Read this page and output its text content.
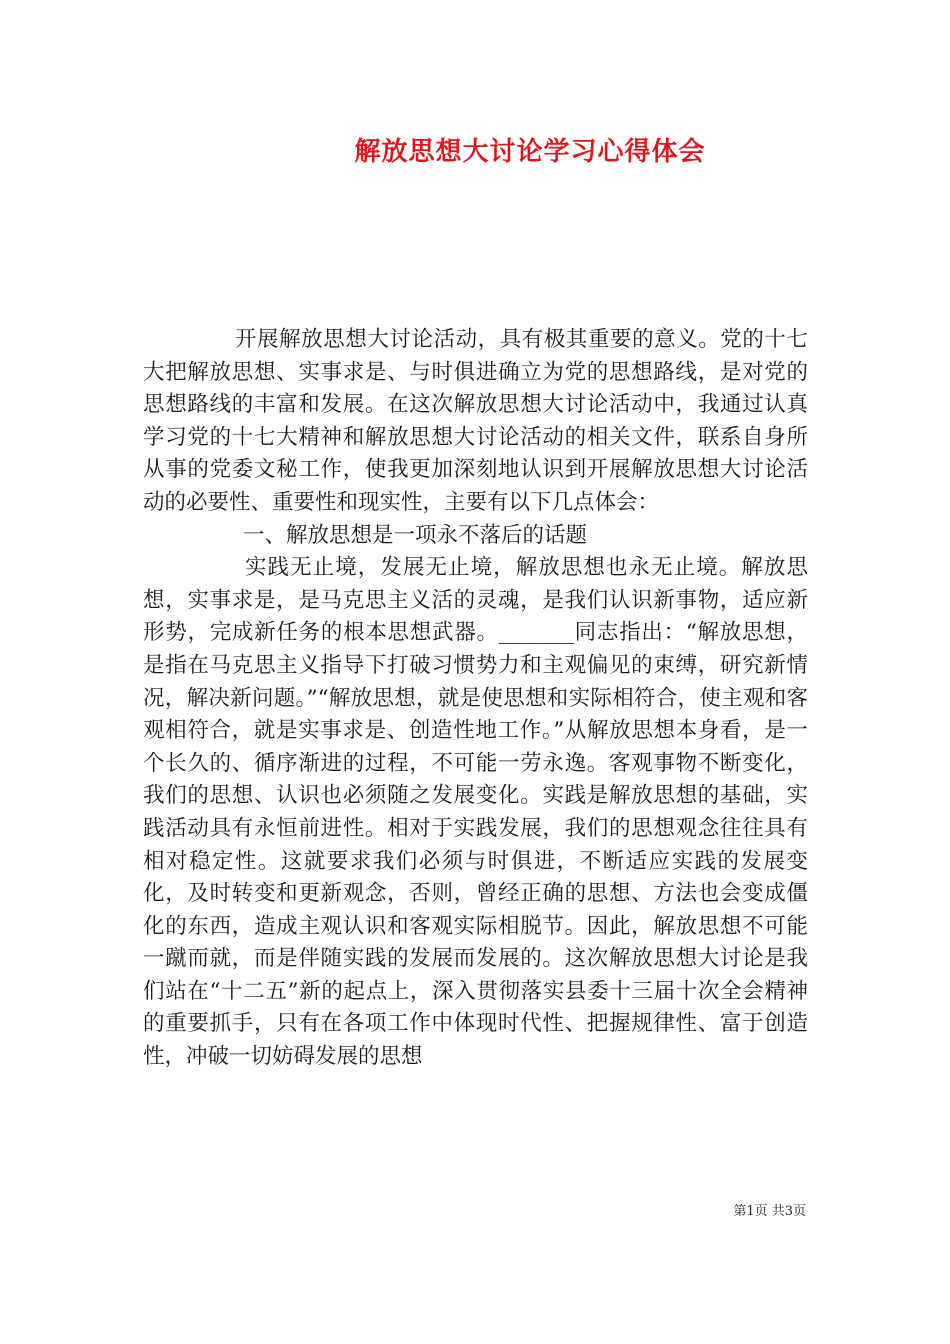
解放思想大讨论学习心得体会

开展解放思想大讨论活动，具有极其重要的意义。党的十七大把解放思想、实事求是、与时俱进确立为党的思想路线，是对党的思想路线的丰富和发展。在这次解放思想大讨论活动中，我通过认真学习党的十七大精神和解放思想大讨论活动的相关文件，联系自身所从事的党委文秘工作，使我更加深刻地认识到开展解放思想大讨论活动的必要性、重要性和现实性，主要有以下几点体会：

一、解放思想是一项永不落后的话题

实践无止境，发展无止境，解放思想也永无止境。解放思想，实事求是，是马克思主义活的灵魂，是我们认识新事物，适应新形势，完成新任务的根本思想武器。_______同志指出：“解放思想，是指在马克思主义指导下打破习惯势力和主观偏见的束缚，研究新情况，解决新问题。”“解放思想，就是使思想和实际相符合，使主观和客观相符合，就是实事求是、创造性地工作。”从解放思想本身看，是一个长久的、循序渐进的过程，不可能一劳永逸。客观事物不断变化，我们的思想、认识也必须随之发展变化。实践是解放思想的基础，实践活动具有永恒前进性。相对于实践发展，我们的思想观念往往具有相对稳定性。这就要求我们必须与时俱进，不断适应实践的发展变化，及时转变和更新观念，否则，曾经正确的思想、方法也会变成僵化的东西，造成主观认识和客观实际相脱节。因此，解放思想不可能一蹴而就，而是伴随实践的发展而发展的。这次解放思想大讨论是我们站在“十二五”新的起点上，深入贯彻落实县委十三届十次全会精神的重要抓手，只有在各项工作中体现时代性、把握规律性、富于创造性，冲破一切妨碍发展的思想

第1页 共3页
